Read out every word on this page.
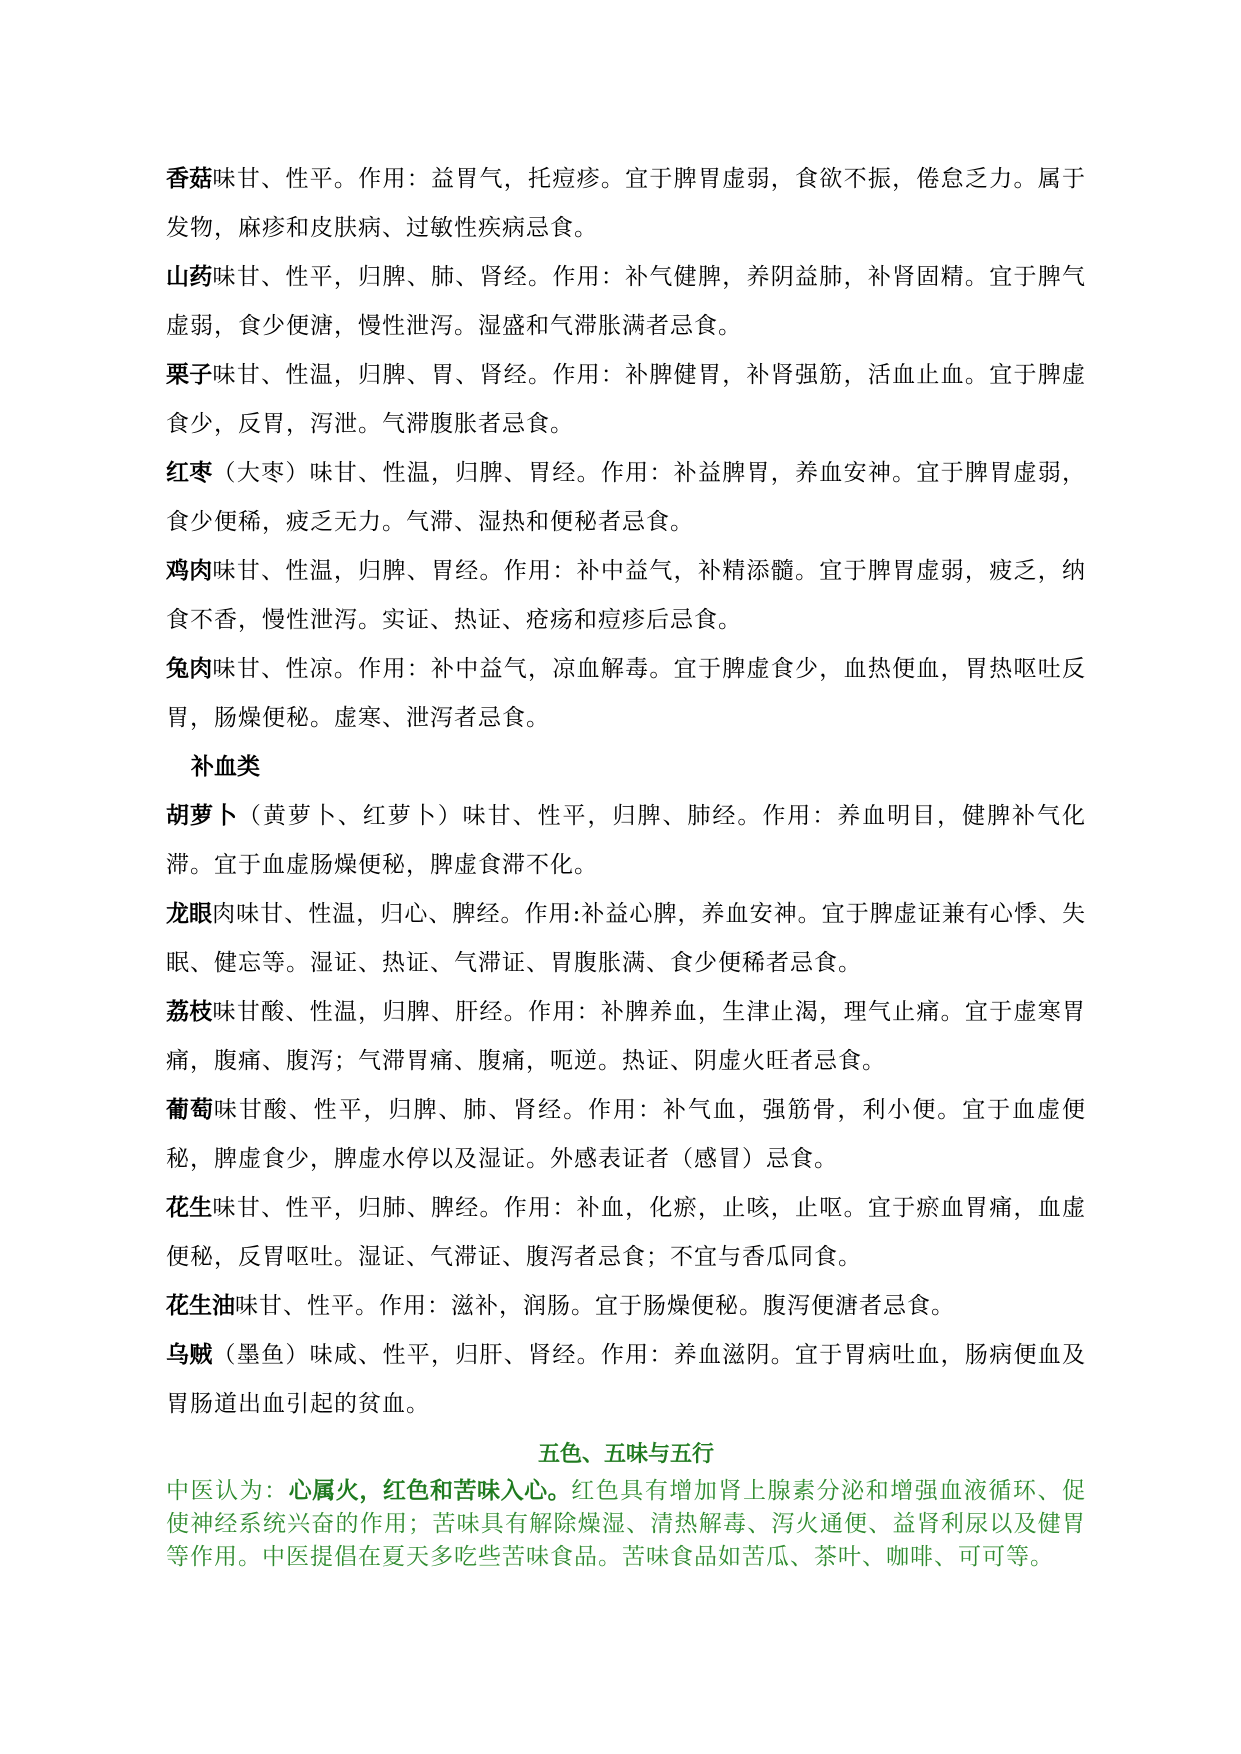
香菇味甘、性平。作用：益胃气，托痘疹。宜于脾胃虚弱，食欲不振，倦怠乏力。属于发物，麻疹和皮肤病、过敏性疾病忌食。

山药味甘、性平，归脾、肺、肾经。作用：补气健脾，养阴益肺，补肾固精。宜于脾气虚弱，食少便溏，慢性泄泻。湿盛和气滞胀满者忌食。

栗子味甘、性温，归脾、胃、肾经。作用：补脾健胃，补肾强筋，活血止血。宜于脾虚食少，反胃，泻泄。气滞腹胀者忌食。

红枣（大枣）味甘、性温，归脾、胃经。作用：补益脾胃，养血安神。宜于脾胃虚弱，食少便稀，疲乏无力。气滞、湿热和便秘者忌食。

鸡肉味甘、性温，归脾、胃经。作用：补中益气，补精添髓。宜于脾胃虚弱，疲乏，纳食不香，慢性泄泻。实证、热证、疮疡和痘疹后忌食。

兔肉味甘、性凉。作用：补中益气，凉血解毒。宜于脾虚食少，血热便血，胃热呕吐反胃，肠燥便秘。虚寒、泄泻者忌食。

补血类

胡萝卜（黄萝卜、红萝卜）味甘、性平，归脾、肺经。作用：养血明目，健脾补气化滞。宜于血虚肠燥便秘，脾虚食滞不化。

龙眼肉味甘、性温，归心、脾经。作用:补益心脾，养血安神。宜于脾虚证兼有心悸、失眠、健忘等。湿证、热证、气滞证、胃腹胀满、食少便稀者忌食。

荔枝味甘酸、性温，归脾、肝经。作用：补脾养血，生津止渴，理气止痛。宜于虚寒胃痛，腹痛、腹泻；气滞胃痛、腹痛，呃逆。热证、阴虚火旺者忌食。

葡萄味甘酸、性平，归脾、肺、肾经。作用：补气血，强筋骨，利小便。宜于血虚便秘，脾虚食少，脾虚水停以及湿证。外感表证者（感冒）忌食。

花生味甘、性平，归肺、脾经。作用：补血，化瘀，止咳，止呕。宜于瘀血胃痛，血虚便秘，反胃呕吐。湿证、气滞证、腹泻者忌食；不宜与香瓜同食。

花生油味甘、性平。作用：滋补，润肠。宜于肠燥便秘。腹泻便溏者忌食。

乌贼（墨鱼）味咸、性平，归肝、肾经。作用：养血滋阴。宜于胃病吐血，肠病便血及胃肠道出血引起的贫血。

五色、五味与五行

中医认为：心属火，红色和苦味入心。红色具有增加肾上腺素分泌和增强血液循环、促使神经系统兴奋的作用；苦味具有解除燥湿、清热解毒、泻火通便、益肾利尿以及健胃等作用。中医提倡在夏天多吃些苦味食品。苦味食品如苦瓜、茶叶、咖啡、可可等。
